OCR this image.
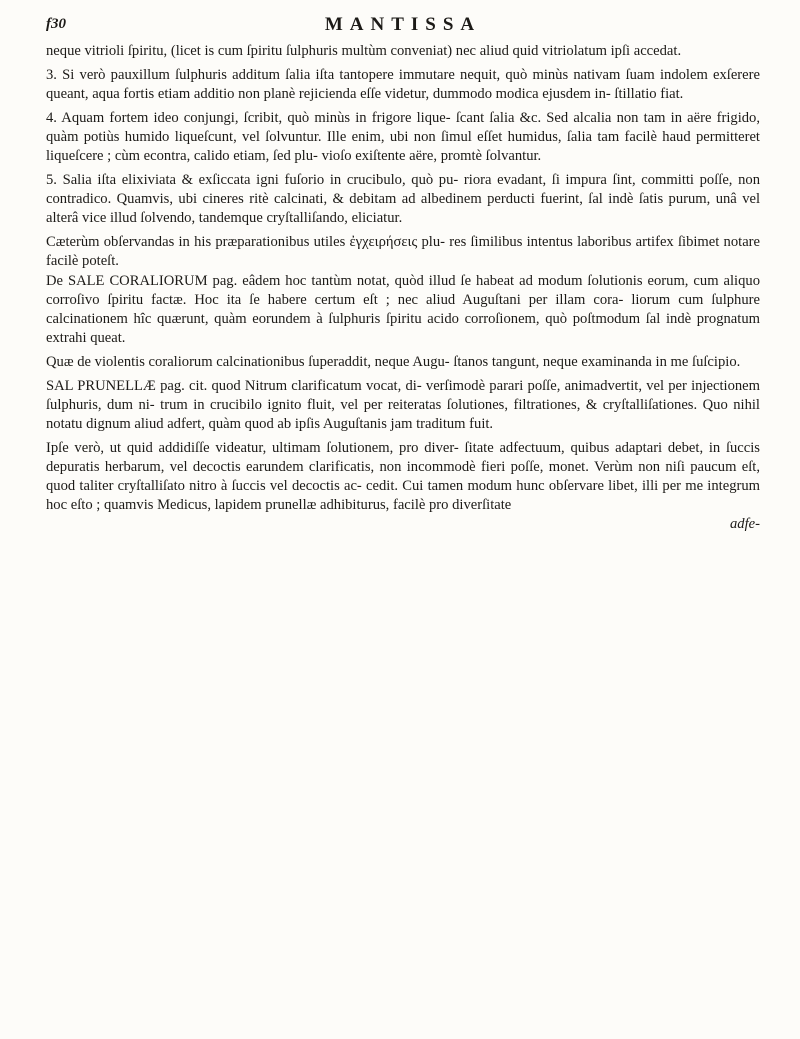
f30	MANTISSA

neque vitrioli ſpiritu, (licet is cum ſpiritu ſulphuris multùm conveniat) nec aliud quid vitriolatum ipſi accedat.

3. Si verò pauxillum ſulphuris additum ſalia iſta tantopere immutare nequit, quò minùs nativam ſuam indolem exſerere queant, aqua fortis etiam additio non planè rejicienda eſſe videtur, dummodo modica ejusdem in- ſtillatio fiat.

4. Aquam fortem ideo conjungi, ſcribit, quò minùs in frigore lique- ſcant ſalia &c. Sed alcalia non tam in aëre frigido, quàm potiùs humido liqueſcunt, vel ſolvuntur. Ille enim, ubi non ſimul eſſet humidus, ſalia tam facilè haud permitteret liqueſcere ; cùm econtra, calido etiam, ſed plu- vioſo exiſtente aëre, promtè ſolvantur.

5. Salia iſta elixiviata & exſiccata igni fuſorio in crucibulo, quò pu- riora evadant, ſi impura ſint, committi poſſe, non contradico. Quamvis, ubi cineres ritè calcinati, & debitam ad albedinem perducti fuerint, ſal indè ſatis purum, unâ vel alterâ vice illud ſolvendo, tandemque cryſtalliſando, eliciatur.

Cæterùm obſervandas in his præparationibus utiles ἐγχειρήσεις plu- res ſimilibus intentus laboribus artifex ſibimet notare facilè poteſt.

De SALE CORALIORUM pag. eâdem hoc tantùm notat, quòd illud ſe habeat ad modum ſolutionis eorum, cum aliquo corroſivo ſpiritu factæ. Hoc ita ſe habere certum eſt ; nec aliud Auguſtani per illam cora- liorum cum ſulphure calcinationem hîc quærunt, quàm eorundem à ſulphuris ſpiritu acido corroſionem, quò poſtmodum ſal indè prognatum extrahi queat.

Quæ de violentis coraliorum calcinationibus ſuperaddit, neque Augu- ſtanos tangunt, neque examinanda in me ſuſcipio.

SAL PRUNELLÆ pag. cit. quod Nitrum clarificatum vocat, di- verſimodè parari poſſe, animadvertit, vel per injectionem ſulphuris, dum ni- trum in crucibilo ignito fluit, vel per reiteratas ſolutiones, filtrationes, & cryſtalliſationes. Quo nihil notatu dignum aliud adfert, quàm quod ab ipſis Auguſtanis jam traditum fuit.

Ipſe verò, ut quid addidiſſe videatur, ultimam ſolutionem, pro diver- ſitate adfectuum, quibus adaptari debet, in ſuccis depuratis herbarum, vel decoctis earundem clarificatis, non incommodè fieri poſſe, monet. Verùm non niſi paucum eſt, quod taliter cryſtalliſato nitro à ſuccis vel decoctis ac- cedit. Cui tamen modum hunc obſervare libet, illi per me integrum hoc eſto ; quamvis Medicus, lapidem prunellæ adhibiturus, facilè pro diverſitate

adfe-
